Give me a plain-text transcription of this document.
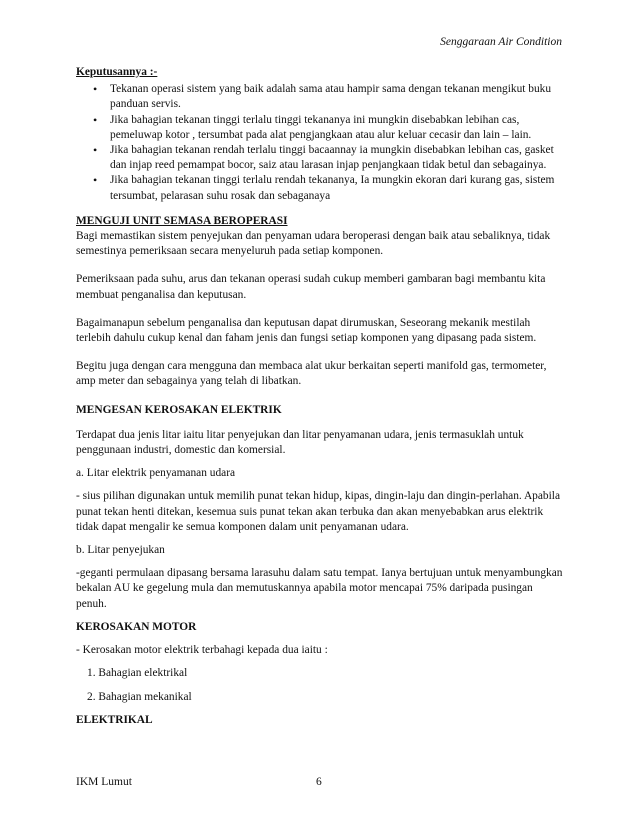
Senggaraan Air Condition

Keputusannya :-

• Tekanan operasi sistem yang baik adalah sama atau hampir sama dengan tekanan mengikut buku panduan servis.
• Jika bahagian tekanan tinggi terlalu tinggi tekananya ini mungkin disebabkan lebihan cas, pemeluwap kotor , tersumbat pada alat pengjangkaan atau alur keluar cecasir dan lain – lain.
• Jika bahagian tekanan rendah terlalu tinggi bacaannay ia mungkin disebabkan lebihan cas, gasket dan injap reed pemampat bocor, saiz atau larasan injap penjangkaan tidak betul dan sebagainya.
• Jika bahagian tekanan tinggi terlalu rendah tekananya, Ia mungkin ekoran dari kurang gas, sistem tersumbat, pelarasan suhu rosak dan sebaganaya

MENGUJI UNIT SEMASA BEROPERASI

Bagi memastikan sistem penyejukan dan penyaman udara beroperasi dengan baik atau sebaliknya, tidak semestinya pemeriksaan secara menyeluruh pada setiap komponen.

Pemeriksaan pada suhu, arus dan tekanan operasi sudah cukup memberi gambaran bagi membantu kita membuat penganalisa dan keputusan.

Bagaimanapun sebelum penganalisa dan keputusan dapat dirumuskan, Seseorang mekanik mestilah terlebih dahulu cukup kenal dan faham jenis dan fungsi setiap komponen yang dipasang pada sistem.

Begitu juga dengan cara mengguna dan membaca alat ukur berkaitan seperti manifold gas, termometer, amp meter dan sebagainya yang telah di libatkan.

MENGESAN KEROSAKAN ELEKTRIK

Terdapat dua jenis litar iaitu litar penyejukan dan litar penyamanan udara, jenis termasuklah untuk penggunaan industri, domestic dan komersial.

a. Litar elektrik penyamanan udara

- sius pilihan digunakan untuk memilih punat tekan hidup, kipas, dingin-laju dan dingin-perlahan. Apabila punat tekan henti ditekan, kesemua suis punat tekan akan terbuka dan akan menyebabkan arus elektrik tidak dapat mengalir ke semua komponen dalam unit penyamanan udara.

b. Litar penyejukan

-geganti permulaan dipasang bersama larasuhu dalam satu tempat. Ianya bertujuan untuk menyambungkan bekalan AU ke gegelung mula dan memutuskannya apabila motor mencapai 75% daripada pusingan penuh.

KEROSAKAN MOTOR

- Kerosakan motor elektrik terbahagi kepada dua iaitu :

1. Bahagian elektrikal
2. Bahagian mekanikal

ELEKTRIKAL

IKM Lumut	6
